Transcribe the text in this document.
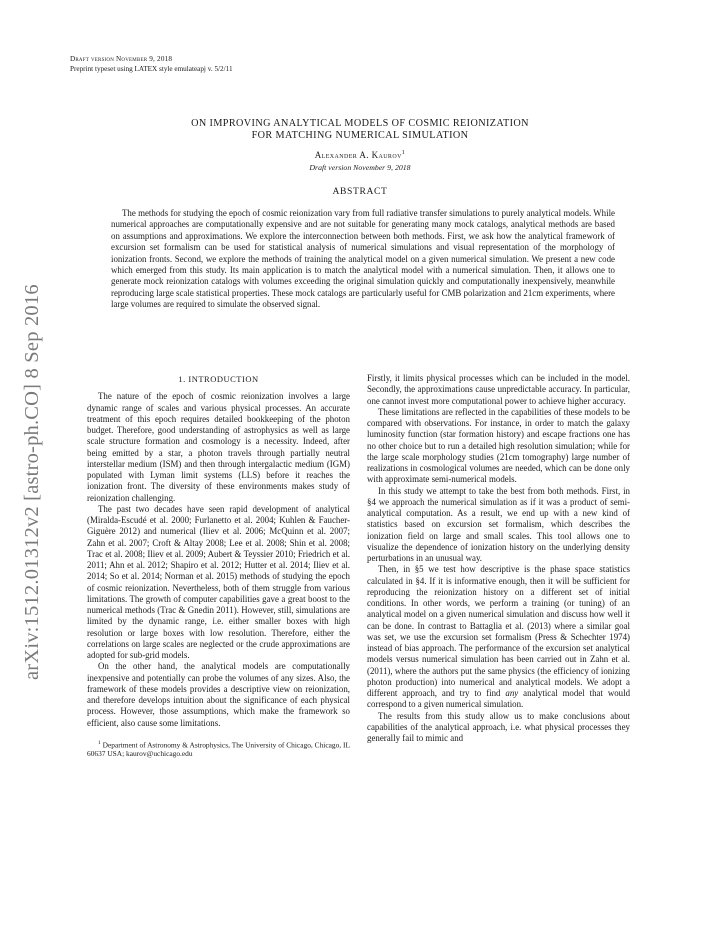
Draft version November 9, 2018
Preprint typeset using LATEX style emulateapj v. 5/2/11
arXiv:1512.01312v2 [astro-ph.CO] 8 Sep 2016
ON IMPROVING ANALYTICAL MODELS OF COSMIC REIONIZATION
FOR MATCHING NUMERICAL SIMULATION
Alexander A. Kaurov$^1$
Draft version November 9, 2018
ABSTRACT

The methods for studying the epoch of cosmic reionization vary from full radiative transfer simulations to purely analytical models. While numerical approaches are computationally expensive and are not suitable for generating many mock catalogs, analytical methods are based on assumptions and approximations. We explore the interconnection between both methods. First, we ask how the analytical framework of excursion set formalism can be used for statistical analysis of numerical simulations and visual representation of the morphology of ionization fronts. Second, we explore the methods of training the analytical model on a given numerical simulation. We present a new code which emerged from this study. Its main application is to match the analytical model with a numerical simulation. Then, it allows one to generate mock reionization catalogs with volumes exceeding the original simulation quickly and computationally inexpensively, meanwhile reproducing large scale statistical properties. These mock catalogs are particularly useful for CMB polarization and 21cm experiments, where large volumes are required to simulate the observed signal.

1. INTRODUCTION

The nature of the epoch of cosmic reionization involves a large dynamic range of scales and various physical processes. An accurate treatment of this epoch requires detailed bookkeeping of the photon budget. Therefore, good understanding of astrophysics as well as large scale structure formation and cosmology is a necessity. Indeed, after being emitted by a star, a photon travels through partially neutral interstellar medium (ISM) and then through intergalactic medium (IGM) populated with Lyman limit systems (LLS) before it reaches the ionization front. The diversity of these environments makes study of reionization challenging.

The past two decades have seen rapid development of analytical (Miralda-Escudé et al. 2000; Furlanetto et al. 2004; Kuhlen & Faucher-Giguère 2012) and numerical (Iliev et al. 2006; McQuinn et al. 2007; Zahn et al. 2007; Croft & Altay 2008; Lee et al. 2008; Shin et al. 2008; Trac et al. 2008; Iliev et al. 2009; Aubert & Teyssier 2010; Friedrich et al. 2011; Ahn et al. 2012; Shapiro et al. 2012; Hutter et al. 2014; Iliev et al. 2014; So et al. 2014; Norman et al. 2015) methods of studying the epoch of cosmic reionization. Nevertheless, both of them struggle from various limitations. The growth of computer capabilities gave a great boost to the numerical methods (Trac & Gnedin 2011). However, still, simulations are limited by the dynamic range, i.e. either smaller boxes with high resolution or large boxes with low resolution. Therefore, either the correlations on large scales are neglected or the crude approximations are adopted for sub-grid models.

On the other hand, the analytical models are computationally inexpensive and potentially can probe the volumes of any sizes. Also, the framework of these models provides a descriptive view on reionization, and therefore develops intuition about the significance of each physical process. However, those assumptions, which make the framework so efficient, also cause some limitations.

$^1$ Department of Astronomy & Astrophysics, The University of Chicago, Chicago, IL 60637 USA; kaurov@uchicago.edu

Firstly, it limits physical processes which can be included in the model. Secondly, the approximations cause unpredictable accuracy. In particular, one cannot invest more computational power to achieve higher accuracy.

These limitations are reflected in the capabilities of these models to be compared with observations. For instance, in order to match the galaxy luminosity function (star formation history) and escape fractions one has no other choice but to run a detailed high resolution simulation; while for the large scale morphology studies (21cm tomography) large number of realizations in cosmological volumes are needed, which can be done only with approximate semi-numerical models.

In this study we attempt to take the best from both methods. First, in §4 we approach the numerical simulation as if it was a product of semi-analytical computation. As a result, we end up with a new kind of statistics based on excursion set formalism, which describes the ionization field on large and small scales. This tool allows one to visualize the dependence of ionization history on the underlying density perturbations in an unusual way.

Then, in §5 we test how descriptive is the phase space statistics calculated in §4. If it is informative enough, then it will be sufficient for reproducing the reionization history on a different set of initial conditions. In other words, we perform a training (or tuning) of an analytical model on a given numerical simulation and discuss how well it can be done. In contrast to Battaglia et al. (2013) where a similar goal was set, we use the excursion set formalism (Press & Schechter 1974) instead of bias approach. The performance of the excursion set analytical models versus numerical simulation has been carried out in Zahn et al. (2011), where the authors put the same physics (the efficiency of ionizing photon production) into numerical and analytical models. We adopt a different approach, and try to find any analytical model that would correspond to a given numerical simulation.

The results from this study allow us to make conclusions about capabilities of the analytical approach, i.e. what physical processes they generally fail to mimic and
